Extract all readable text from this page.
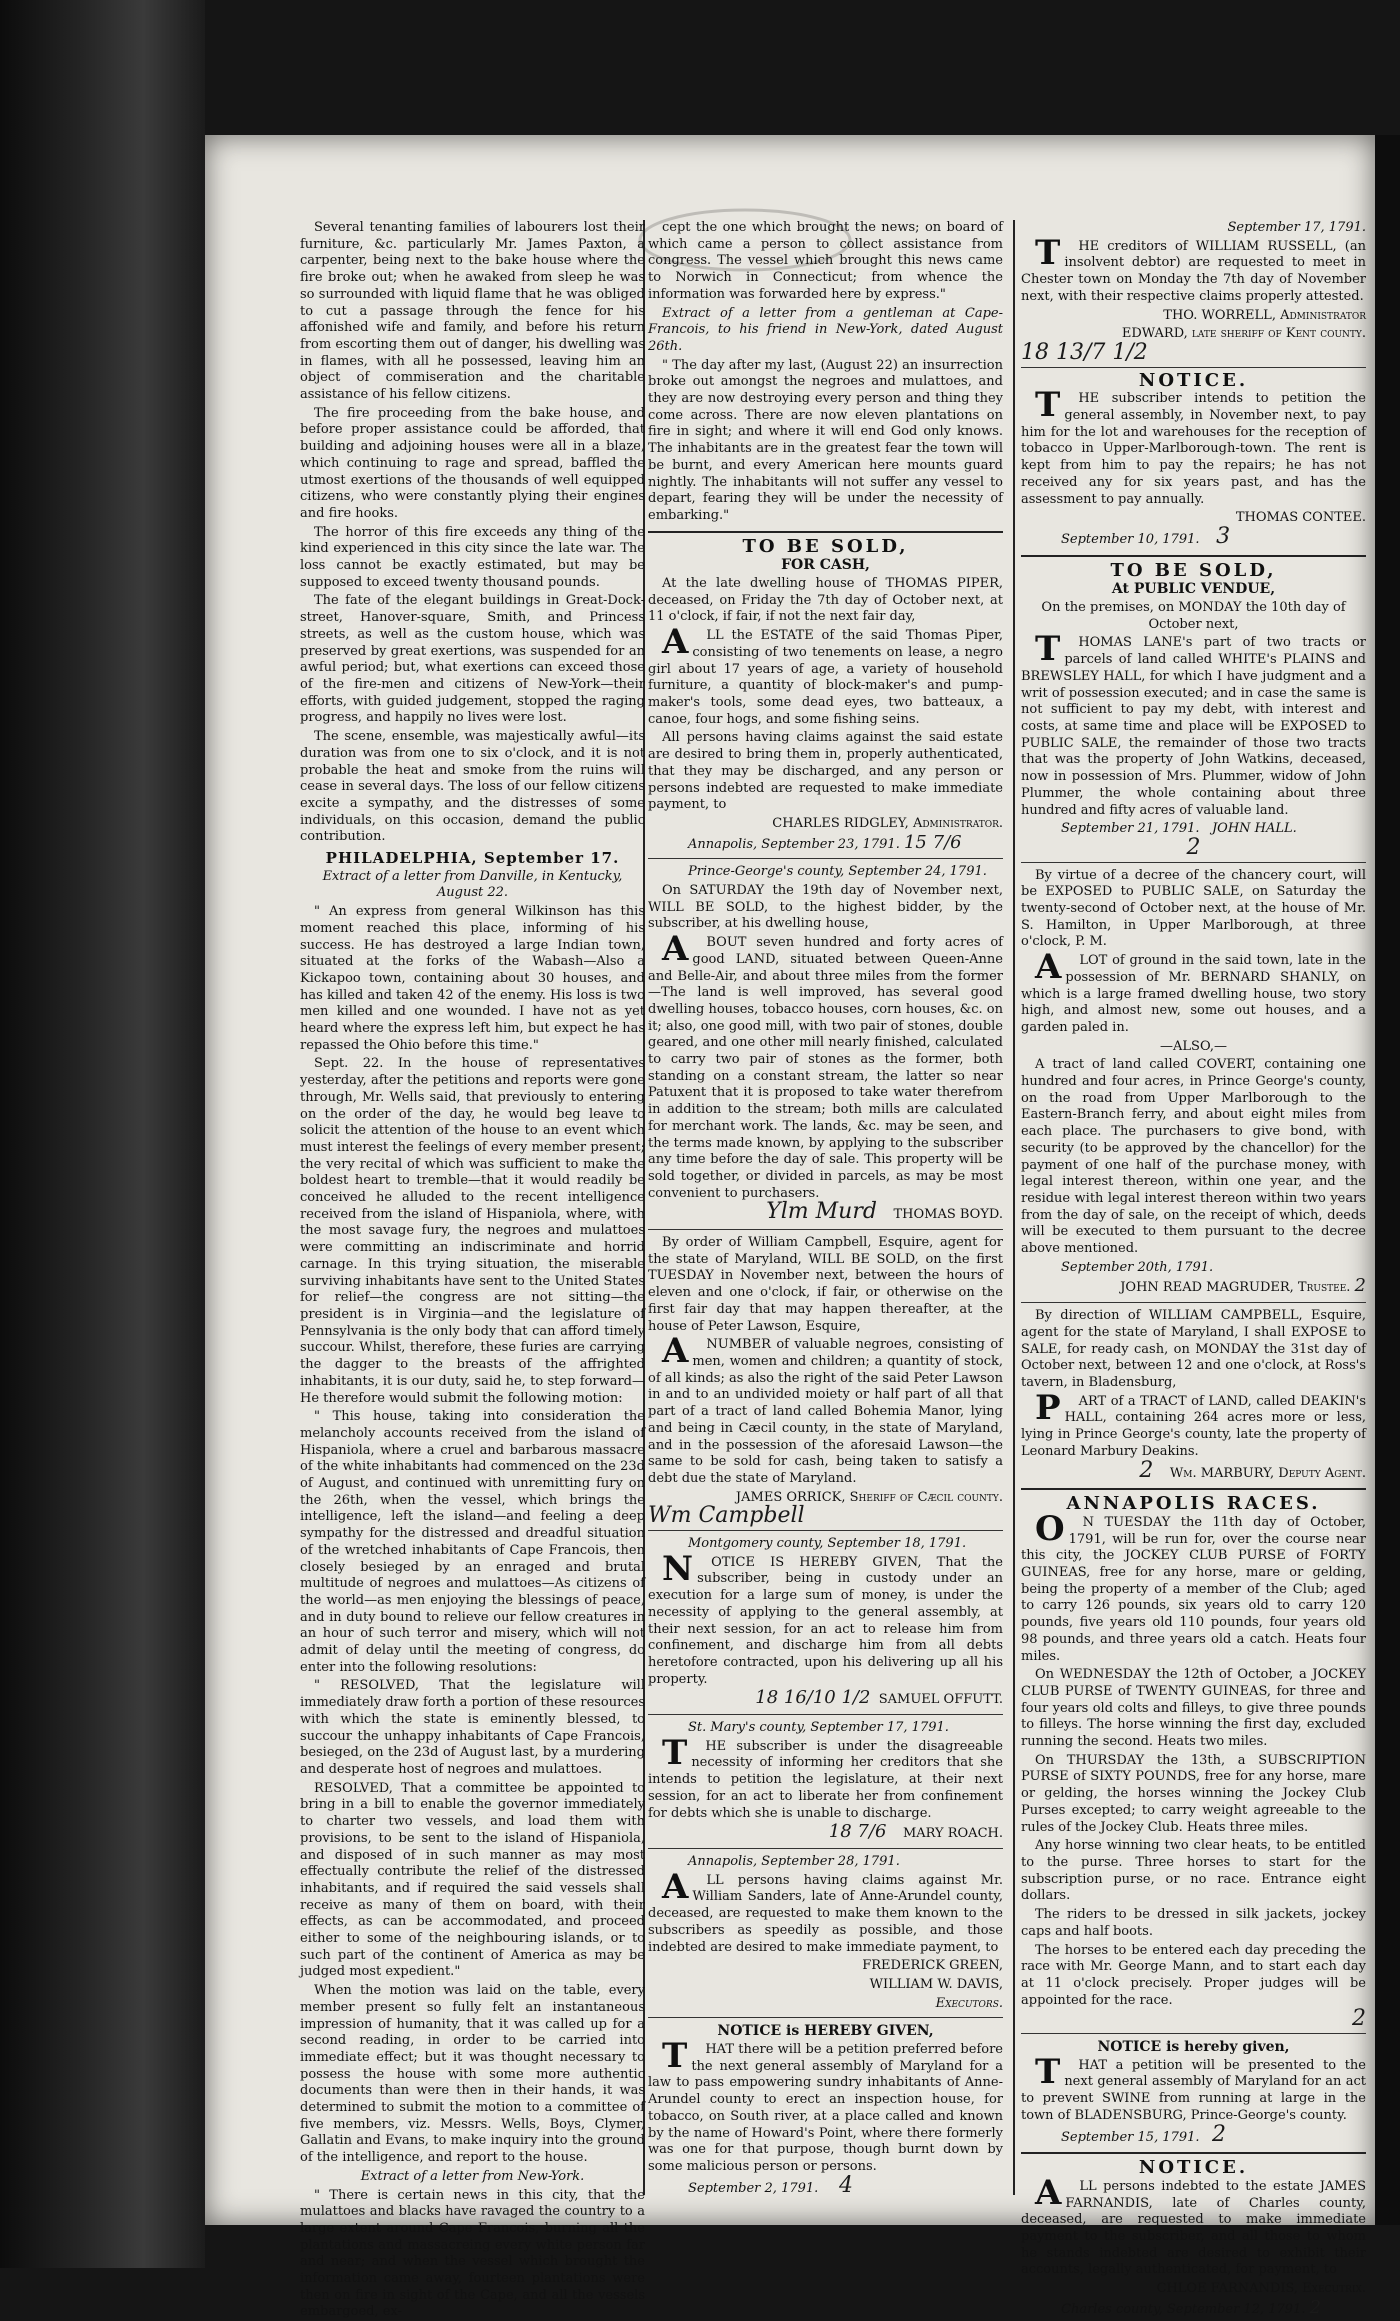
Several tenanting families of labourers lost their furniture, &c. particularly Mr. James Paxton, a carpenter, being next to the bake house where the fire broke out; when he awaked from sleep he was so surrounded with liquid flame that he was obliged to cut a passage through the fence for his affonished wife and family, and before his return from escorting them out of danger, his dwelling was in flames, with all he possessed, leaving him an object of commiseration and the charitable assistance of his fellow citizens.

The fire proceeding from the bake house, and before proper assistance could be afforded, that building and adjoining houses were all in a blaze, which continuing to rage and spread, baffled the utmost exertions of the thousands of well equipped citizens, who were constantly plying their engines and fire hooks.

The horror of this fire exceeds any thing of the kind experienced in this city since the late war. The loss cannot be exactly estimated, but may be supposed to exceed twenty thousand pounds.

The fate of the elegant buildings in Great-Dock-street, Hanover-square, Smith, and Princess streets, as well as the custom house, which was preserved by great exertions, was suspended for an awful period; but, what exertions can exceed those of the fire-men and citizens of New-York—their efforts, with guided judgement, stopped the raging progress, and happily no lives were lost.

The scene, ensemble, was majestically awful—its duration was from one to six o'clock, and it is not probable the heat and smoke from the ruins will cease in several days. The loss of our fellow citizens excite a sympathy, and the distresses of some individuals, on this occasion, demand the public contribution.

PHILADELPHIA, September 17.

Extract of a letter from Danville, in Kentucky, August 22.

" An express from general Wilkinson has this moment reached this place, informing of his success. He has destroyed a large Indian town, situated at the forks of the Wabash—Also a Kickapoo town, containing about 30 houses, and has killed and taken 42 of the enemy. His loss is two men killed and one wounded. I have not as yet heard where the express left him, but expect he has repassed the Ohio before this time."

Sept. 22. In the house of representatives yesterday, after the petitions and reports were gone through, Mr. Wells said, that previously to entering on the order of the day, he would beg leave to solicit the attention of the house to an event which must interest the feelings of every member present; the very recital of which was sufficient to make the boldest heart to tremble—that it would readily be conceived he alluded to the recent intelligence received from the island of Hispaniola, where, with the most savage fury, the negroes and mulattoes were committing an indiscriminate and horrid carnage. In this trying situation, the miserable surviving inhabitants have sent to the United States for relief—the congress are not sitting—the president is in Virginia—and the legislature of Pennsylvania is the only body that can afford timely succour. Whilst, therefore, these furies are carrying the dagger to the breasts of the affrighted inhabitants, it is our duty, said he, to step forward—He therefore would submit the following motion:

" This house, taking into consideration the melancholy accounts received from the island of Hispaniola, where a cruel and barbarous massacre of the white inhabitants had commenced on the 23d of August, and continued with unremitting fury on the 26th, when the vessel, which brings the intelligence, left the island—and feeling a deep sympathy for the distressed and dreadful situation of the wretched inhabitants of Cape Francois, then closely besieged by an enraged and brutal multitude of negroes and mulattoes—As citizens of the world—as men enjoying the blessings of peace, and in duty bound to relieve our fellow creatures in an hour of such terror and misery, which will not admit of delay until the meeting of congress, do enter into the following resolutions:

" RESOLVED, That the legislature will immediately draw forth a portion of these resources with which the state is eminently blessed, to succour the unhappy inhabitants of Cape Francois, besieged, on the 23d of August last, by a murdering and desperate host of negroes and mulattoes.

RESOLVED, That a committee be appointed to bring in a bill to enable the governor immediately to charter two vessels, and load them with provisions, to be sent to the island of Hispaniola, and disposed of in such manner as may most effectually contribute the relief of the distressed inhabitants, and if required the said vessels shall receive as many of them on board, with their effects, as can be accommodated, and proceed either to some of the neighbouring islands, or to such part of the continent of America as may be judged most expedient."

When the motion was laid on the table, every member present so fully felt an instantaneous impression of humanity, that it was called up for a second reading, in order to be carried into immediate effect; but it was thought necessary to possess the house with some more authentic documents than were then in their hands, it was determined to submit the motion to a committee of five members, viz. Messrs. Wells, Boys, Clymer, Gallatin and Evans, to make inquiry into the ground of the intelligence, and report to the house.

Extract of a letter from New-York.

" There is certain news in this city, that the mulattoes and blacks have ravaged the country to a large extent around Cape Francois, burning all the plantations and massacreing every white person far and near; and when the vessel which brought the information came away, fourteen plantations were then on fire in sight of the Cape, and all the vessels embargoed, ex-

cept the one which brought the news; on board of which came a person to collect assistance from congress. The vessel which brought this news came to Norwich in Connecticut; from whence the information was forwarded here by express."

Extract of a letter from a gentleman at Cape-Francois, to his friend in New-York, dated August 26th.

" The day after my last, (August 22) an insurrection broke out amongst the negroes and mulattoes, and they are now destroying every person and thing they come across. There are now eleven plantations on fire in sight; and where it will end God only knows. The inhabitants are in the greatest fear the town will be burnt, and every American here mounts guard nightly. The inhabitants will not suffer any vessel to depart, fearing they will be under the necessity of embarking."

TO BE SOLD,
FOR CASH,

At the late dwelling house of THOMAS PIPER, deceased, on Friday the 7th day of October next, at 11 o'clock, if fair, if not the next fair day,

ALL the ESTATE of the said Thomas Piper, consisting of two tenements on lease, a negro girl about 17 years of age, a variety of household furniture, a quantity of block-maker's and pump-maker's tools, some dead eyes, two batteaux, a canoe, four hogs, and some fishing seins.

All persons having claims against the said estate are desired to bring them in, properly authenticated, that they may be discharged, and any person or persons indebted are requested to make immediate payment, to

CHARLES RIDGLEY, Administrator.

Annapolis, September 23, 1791. 15 7/6

Prince-George's county, September 24, 1791.

On SATURDAY the 19th day of November next, WILL BE SOLD, to the highest bidder, by the subscriber, at his dwelling house,

ABOUT seven hundred and forty acres of good LAND, situated between Queen-Anne and Belle-Air, and about three miles from the former—The land is well improved, has several good dwelling houses, tobacco houses, corn houses, &c. on it; also, one good mill, with two pair of stones, double geared, and one other mill nearly finished, calculated to carry two pair of stones as the former, both standing on a constant stream, the latter so near Patuxent that it is proposed to take water therefrom in addition to the stream; both mills are calculated for merchant work. The lands, &c. may be seen, and the terms made known, by applying to the subscriber any time before the day of sale. This property will be sold together, or divided in parcels, as may be most convenient to purchasers.

Ylm Murd THOMAS BOYD.

By order of William Campbell, Esquire, agent for the state of Maryland, WILL BE SOLD, on the first TUESDAY in November next, between the hours of eleven and one o'clock, if fair, or otherwise on the first fair day that may happen thereafter, at the house of Peter Lawson, Esquire,

ANUMBER of valuable negroes, consisting of men, women and children; a quantity of stock, of all kinds; as also the right of the said Peter Lawson in and to an undivided moiety or half part of all that part of a tract of land called Bohemia Manor, lying and being in Cæcil county, in the state of Maryland, and in the possession of the aforesaid Lawson—the same to be sold for cash, being taken to satisfy a debt due the state of Maryland.

JAMES ORRICK, Sheriff of Cæcil county.

Wm Campbell

Montgomery county, September 18, 1791.

NOTICE IS HEREBY GIVEN, That the subscriber, being in custody under an execution for a large sum of money, is under the necessity of applying to the general assembly, at their next session, for an act to release him from confinement, and discharge him from all debts heretofore contracted, upon his delivering up all his property.

18 16/10 1/2 SAMUEL OFFUTT.

St. Mary's county, September 17, 1791.

THE subscriber is under the disagreeable necessity of informing her creditors that she intends to petition the legislature, at their next session, for an act to liberate her from confinement for debts which she is unable to discharge.

18 7/6 MARY ROACH.

Annapolis, September 28, 1791.

ALL persons having claims against Mr. William Sanders, late of Anne-Arundel county, deceased, are requested to make them known to the subscribers as speedily as possible, and those indebted are desired to make immediate payment, to

FREDERICK GREEN,

WILLIAM W. DAVIS,

Executors.

NOTICE is HEREBY GIVEN,

THAT there will be a petition preferred before the next general assembly of Maryland for a law to pass empowering sundry inhabitants of Anne-Arundel county to erect an inspection house, for tobacco, on South river, at a place called and known by the name of Howard's Point, where there formerly was one for that purpose, though burnt down by some malicious person or persons.

September 2, 1791. 4

September 17, 1791.

THE creditors of WILLIAM RUSSELL, (an insolvent debtor) are requested to meet in Chester town on Monday the 7th day of November next, with their respective claims properly attested.

THO. WORRELL, Administrator

EDWARD, late sheriff of Kent county.

18 13/7 1/2

NOTICE.

THE subscriber intends to petition the general assembly, in November next, to pay him for the lot and warehouses for the reception of tobacco in Upper-Marlborough-town. The rent is kept from him to pay the repairs; he has not received any for six years past, and has the assessment to pay annually.

THOMAS CONTEE.

September 10, 1791. 3

TO BE SOLD,
At PUBLIC VENDUE,

On the premises, on MONDAY the 10th day of October next,

THOMAS LANE's part of two tracts or parcels of land called WHITE's PLAINS and BREWSLEY HALL, for which I have judgment and a writ of possession executed; and in case the same is not sufficient to pay my debt, with interest and costs, at same time and place will be EXPOSED to PUBLIC SALE, the remainder of those two tracts that was the property of John Watkins, deceased, now in possession of Mrs. Plummer, widow of John Plummer, the whole containing about three hundred and fifty acres of valuable land.

September 21, 1791. JOHN HALL.

2

By virtue of a decree of the chancery court, will be EXPOSED to PUBLIC SALE, on Saturday the twenty-second of October next, at the house of Mr. S. Hamilton, in Upper Marlborough, at three o'clock, P. M.

ALOT of ground in the said town, late in the possession of Mr. BERNARD SHANLY, on which is a large framed dwelling house, two story high, and almost new, some out houses, and a garden paled in.

—ALSO,—

A tract of land called COVERT, containing one hundred and four acres, in Prince George's county, on the road from Upper Marlborough to the Eastern-Branch ferry, and about eight miles from each place. The purchasers to give bond, with security (to be approved by the chancellor) for the payment of one half of the purchase money, with legal interest thereon, within one year, and the residue with legal interest thereon within two years from the day of sale, on the receipt of which, deeds will be executed to them pursuant to the decree above mentioned.

September 20th, 1791.

JOHN READ MAGRUDER, Trustee. 2

By direction of WILLIAM CAMPBELL, Esquire, agent for the state of Maryland, I shall EXPOSE to SALE, for ready cash, on MONDAY the 31st day of October next, between 12 and one o'clock, at Ross's tavern, in Bladensburg,

PART of a TRACT of LAND, called DEAKIN's HALL, containing 264 acres more or less, lying in Prince George's county, late the property of Leonard Marbury Deakins.

2 Wm. MARBURY, Deputy Agent.

ANNAPOLIS RACES.

ON TUESDAY the 11th day of October, 1791, will be run for, over the course near this city, the JOCKEY CLUB PURSE of FORTY GUINEAS, free for any horse, mare or gelding, being the property of a member of the Club; aged to carry 126 pounds, six years old to carry 120 pounds, five years old 110 pounds, four years old 98 pounds, and three years old a catch. Heats four miles.

On WEDNESDAY the 12th of October, a JOCKEY CLUB PURSE of TWENTY GUINEAS, for three and four years old colts and filleys, to give three pounds to filleys. The horse winning the first day, excluded running the second. Heats two miles.

On THURSDAY the 13th, a SUBSCRIPTION PURSE of SIXTY POUNDS, free for any horse, mare or gelding, the horses winning the Jockey Club Purses excepted; to carry weight agreeable to the rules of the Jockey Club. Heats three miles.

Any horse winning two clear heats, to be entitled to the purse. Three horses to start for the subscription purse, or no race. Entrance eight dollars.

The riders to be dressed in silk jackets, jockey caps and half boots.

The horses to be entered each day preceding the race with Mr. George Mann, and to start each day at 11 o'clock precisely. Proper judges will be appointed for the race.

2

NOTICE is hereby given,

THAT a petition will be presented to the next general assembly of Maryland for an act to prevent SWINE from running at large in the town of BLADENSBURG, Prince-George's county.

September 15, 1791. 2

NOTICE.

ALL persons indebted to the estate JAMES FARNANDIS, late of Charles county, deceased, are requested to make immediate payment to the subscriber, and all those to whom he stands indebted are desired to exhibit their accounts, legally authenticated, for payment, to

CHLOE FARNANDIS, Executrix.

Charles county, September 12, 1791. 2
